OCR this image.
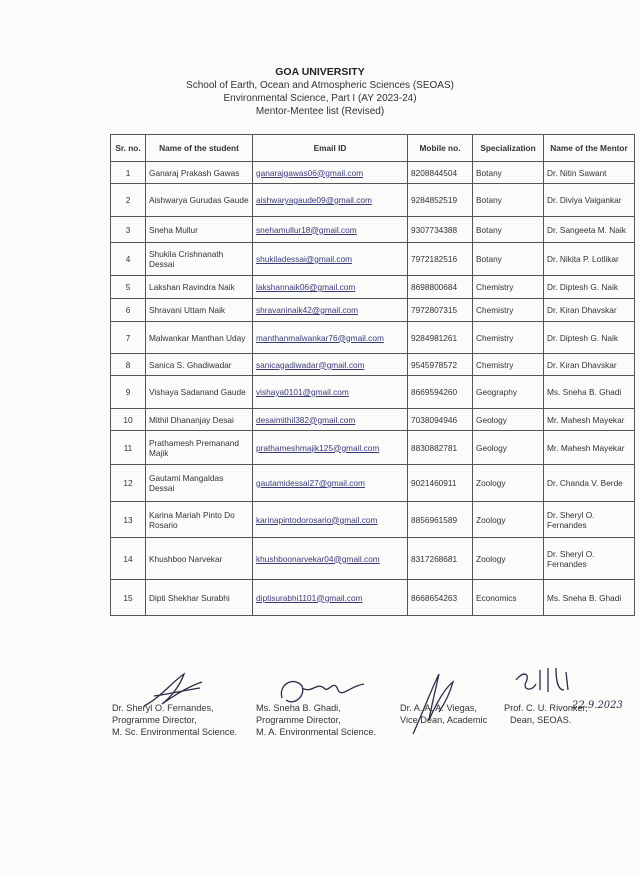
GOA UNIVERSITY
School of Earth, Ocean and Atmospheric Sciences (SEOAS)
Environmental Science, Part I (AY 2023-24)
Mentor-Mentee list (Revised)
Sr. no.	Name of the student	Email ID	Mobile no.	Specialization	Name of the Mentor
1	Ganaraj Prakash Gawas	ganarajgawas06@gmail.com	8208844504	Botany	Dr. Nitin Sawant
2	Aishwarya Gurudas Gaude	aishwaryagaude09@gmail.com	9284852519	Botany	Dr. Diviya Vaigankar
3	Sneha Mullur	snehamullur18@gmail.com	9307734388	Botany	Dr. Sangeeta M. Naik
4	Shukila Crishnanath Dessai	shukiladessai@gmail.com	7972182516	Botany	Dr. Nikita P. Lotlikar
5	Lakshan Ravindra Naik	lakshannaik06@gmail.com	8698800684	Chemistry	Dr. Diptesh G. Naik
6	Shravani Uttam Naik	shravaninaik42@gmail.com	7972807315	Chemistry	Dr. Kiran Dhavskar
7	Malwankar Manthan Uday	manthanmalwankar76@gmail.com	9284981261	Chemistry	Dr. Diptesh G. Naik
8	Sanica S. Ghadiwadar	sanicagadiwadar@gmail.com	9545978572	Chemistry	Dr. Kiran Dhavskar
9	Vishaya Sadanand Gaude	vishaya0101@gmail.com	8669594260	Geography	Ms. Sneha B. Ghadi
10	Mithil Dhananjay Desai	desaimithil382@gmail.com	7038094946	Geology	Mr. Mahesh Mayekar
11	Prathamesh Premanand Majik	prathameshmajik125@gmail.com	8830882781	Geology	Mr. Mahesh Mayekar
12	Gautami Mangaldas Dessai	gautamidessai27@gmail.com	9021460911	Zoology	Dr. Chanda V. Berde
13	Karina Mariah Pinto Do Rosario	karinapintodorosario@gmail.com	8856961589	Zoology	Dr. Sheryl O. Fernandes
14	Khushboo Narvekar	khushboonarvekar04@gmail.com	8317268681	Zoology	Dr. Sheryl O. Fernandes
15	Dipti Shekhar Surabhi	diptisurabhi1101@gmail.com	8668654263	Economics	Ms. Sneha B. Ghadi
22.9.2023
Dr. Sheryl O. Fernandes,
Programme Director,
M. Sc. Environmental Science.
Ms. Sneha B. Ghadi,
Programme Director,
M. A. Environmental Science.
Dr. A. A. A. Viegas,
Vice Dean, Academic
Prof. C. U. Rivonker,
Dean, SEOAS.
